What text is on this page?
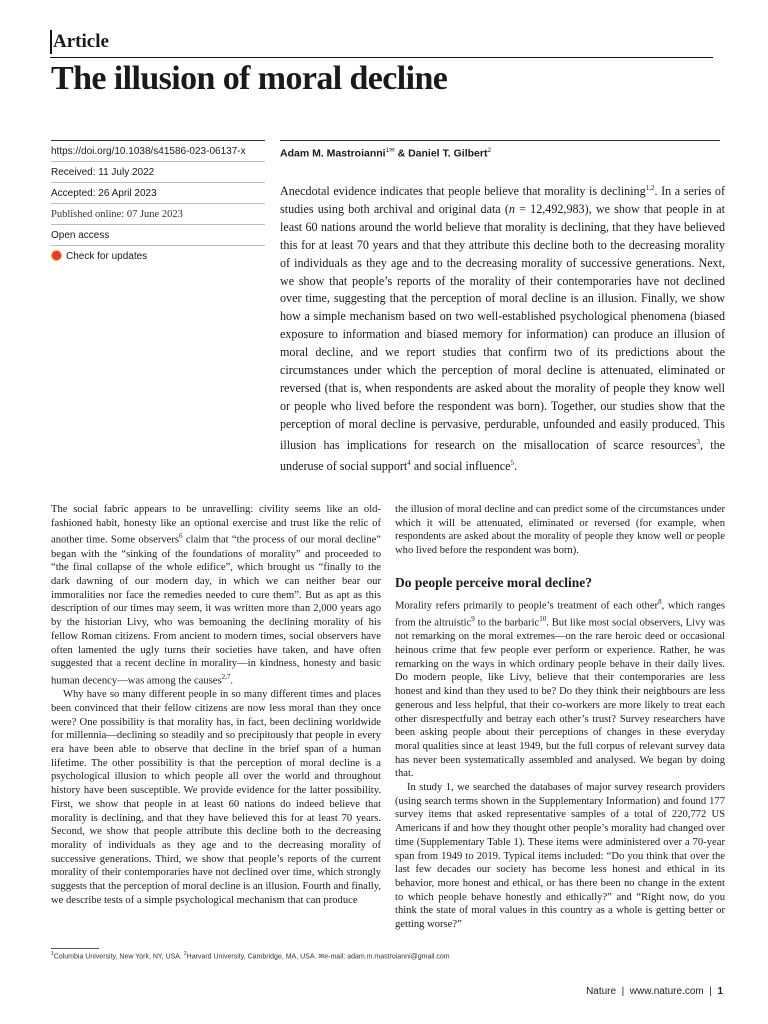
Article
The illusion of moral decline
https://doi.org/10.1038/s41586-023-06137-x
Received: 11 July 2022
Accepted: 26 April 2023
Published online: 07 June 2023
Open access
Check for updates
Adam M. Mastroianni$^{1✉}$ & Daniel T. Gilbert$^2$

Anecdotal evidence indicates that people believe that morality is declining$^{1,2}$. In a series of studies using both archival and original data (n = 12,492,983), we show that people in at least 60 nations around the world believe that morality is declining, that they have believed this for at least 70 years and that they attribute this decline both to the decreasing morality of individuals as they age and to the decreasing morality of successive generations. Next, we show that people’s reports of the morality of their contemporaries have not declined over time, suggesting that the perception of moral decline is an illusion. Finally, we show how a simple mechanism based on two well-established psychological phenomena (biased exposure to information and biased memory for information) can produce an illusion of moral decline, and we report studies that confirm two of its predictions about the circumstances under which the perception of moral decline is attenuated, eliminated or reversed (that is, when respondents are asked about the morality of people they know well or people who lived before the respondent was born). Together, our studies show that the perception of moral decline is pervasive, perdurable, unfounded and easily produced. This illusion has implications for research on the misallocation of scarce resources$^3$, the underuse of social support$^4$ and social influence$^5$.

The social fabric appears to be unravelling: civility seems like an old-fashioned habit, honesty like an optional exercise and trust like the relic of another time. Some observers$^6$ claim that “the process of our moral decline” began with the “sinking of the foundations of morality” and proceeded to “the final collapse of the whole edifice”, which brought us “finally to the dark dawning of our modern day, in which we can neither bear our immoralities nor face the remedies needed to cure them”. But as apt as this description of our times may seem, it was written more than 2,000 years ago by the historian Livy, who was bemoaning the declining morality of his fellow Roman citizens. From ancient to modern times, social observers have often lamented the ugly turns their societies have taken, and have often suggested that a recent decline in morality—in kindness, honesty and basic human decency—was among the causes$^{2,7}$.

Why have so many different people in so many different times and places been convinced that their fellow citizens are now less moral than they once were? One possibility is that morality has, in fact, been declining worldwide for millennia—declining so steadily and so precipitously that people in every era have been able to observe that decline in the brief span of a human lifetime. The other possibility is that the perception of moral decline is a psychological illusion to which people all over the world and throughout history have been susceptible. We provide evidence for the latter possibility. First, we show that people in at least 60 nations do indeed believe that morality is declining, and that they have believed this for at least 70 years. Second, we show that people attribute this decline both to the decreasing morality of individuals as they age and to the decreasing morality of successive generations. Third, we show that people’s reports of the current morality of their contemporaries have not declined over time, which strongly suggests that the perception of moral decline is an illusion. Fourth and finally, we describe tests of a simple psychological mechanism that can produce

the illusion of moral decline and can predict some of the circumstances under which it will be attenuated, eliminated or reversed (for example, when respondents are asked about the morality of people they know well or people who lived before the respondent was born).

Do people perceive moral decline?

Morality refers primarily to people’s treatment of each other$^8$, which ranges from the altruistic$^9$ to the barbaric$^{10}$. But like most social observers, Livy was not remarking on the moral extremes—on the rare heroic deed or occasional heinous crime that few people ever perform or experience. Rather, he was remarking on the ways in which ordinary people behave in their daily lives. Do modern people, like Livy, believe that their contemporaries are less honest and kind than they used to be? Do they think their neighbours are less generous and less helpful, that their co-workers are more likely to treat each other disrespectfully and betray each other’s trust? Survey researchers have been asking people about their perceptions of changes in these everyday moral qualities since at least 1949, but the full corpus of relevant survey data has never been systematically assembled and analysed. We began by doing that.

In study 1, we searched the databases of major survey research providers (using search terms shown in the Supplementary Information) and found 177 survey items that asked representative samples of a total of 220,772 US Americans if and how they thought other people’s morality had changed over time (Supplementary Table 1). These items were administered over a 70-year span from 1949 to 2019. Typical items included: “Do you think that over the last few decades our society has become less honest and ethical in its behavior, more honest and ethical, or has there been no change in the extent to which people behave honestly and ethically?” and “Right now, do you think the state of moral values in this country as a whole is getting better or getting worse?”

$^1$Columbia University, New York, NY, USA. $^2$Harvard University, Cambridge, MA, USA. ✉e-mail: adam.m.mastroianni@gmail.com
Nature  |  www.nature.com  |  1
